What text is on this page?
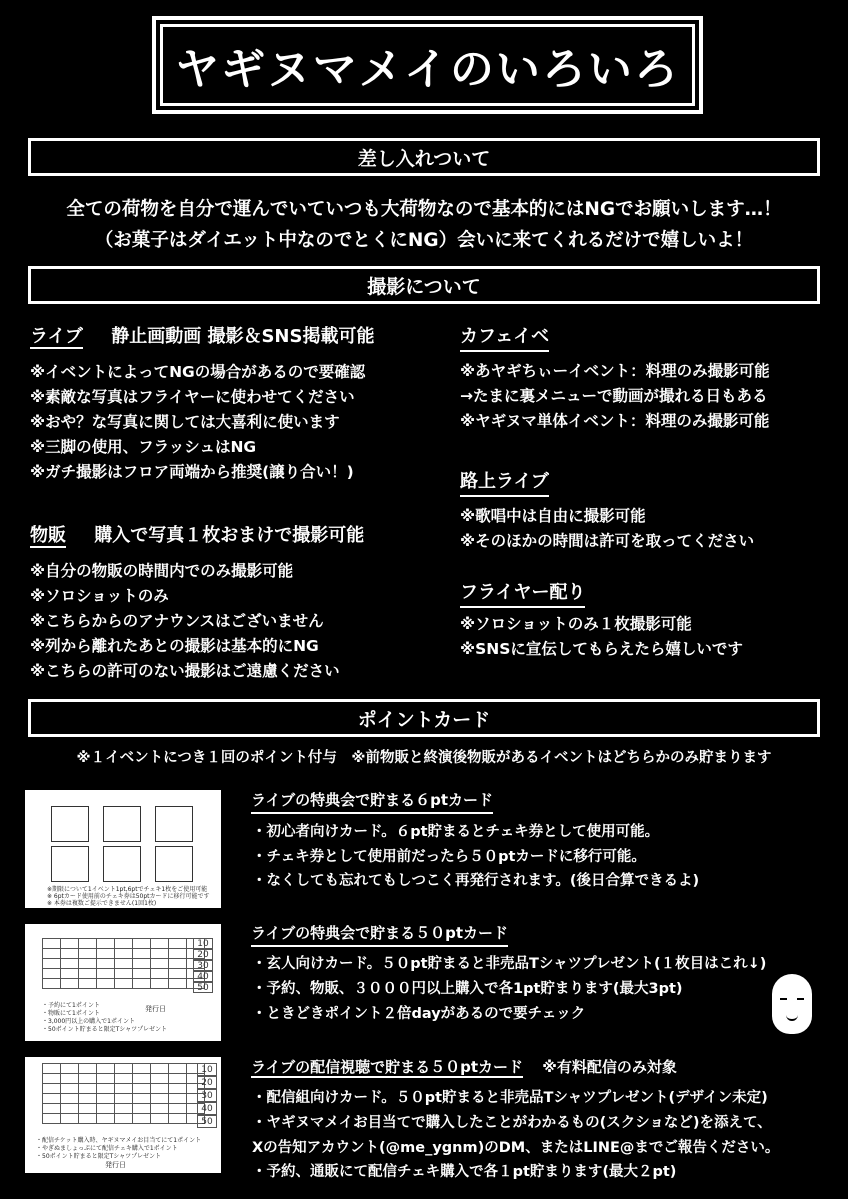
ヤギヌマメイのいろいろ
差し入れついて
全ての荷物を自分で運んでいていつも大荷物なので基本的にはNGでお願いします…！
（お菓子はダイエット中なのでとくにNG）会いに来てくれるだけで嬉しいよ！
撮影について
ライブ 静止画動画 撮影＆SNS掲載可能
※イベントによってNGの場合があるので要確認
※素敵な写真はフライヤーに使わせてください
※おや？な写真に関しては大喜利に使います
※三脚の使用、フラッシュはNG
※ガチ撮影はフロア両端から推奨(譲り合い！)
物販 購入で写真１枚おまけで撮影可能
※自分の物販の時間内でのみ撮影可能
※ソロショットのみ
※こちらからのアナウンスはございません
※列から離れたあとの撮影は基本的にNG
※こちらの許可のない撮影はご遠慮ください
カフェイベ
※あヤギちぃーイベント：料理のみ撮影可能
→たまに裏メニューで動画が撮れる日もある
※ヤギヌマ単体イベント：料理のみ撮影可能
路上ライブ
※歌唱中は自由に撮影可能
※そのほかの時間は許可を取ってください
フライヤー配り
※ソロショットのみ１枚撮影可能
※SNSに宣伝してもらえたら嬉しいです
ポイントカード
※１イベントにつき１回のポイント付与　※前物販と終演後物販があるイベントはどちらかのみ貯まります
※期限について1イベント1pt,6ptでチェキ1枚をご使用可能
※ 6ptカード使用前のチェキ券は50ptカードに移行可能です
※ 本券は複数ご提示できません(1回1枚)
ライブの特典会で貯まる６ptカード
・初心者向けカード。６pt貯まるとチェキ券として使用可能。
・チェキ券として使用前だったら５０ptカードに移行可能。
・なくしても忘れてもしつこく再発行されます。(後日合算できるよ)

10
20
30
40
50
・予約にて1ポイント
・物販にて1ポイント
・3,000円以上の購入で1ポイント
・50ポイント貯まると限定Tシャツプレゼント
発行日
ライブの特典会で貯まる５０ptカード
・玄人向けカード。５０pt貯まると非売品Tシャツプレゼント(１枚目はこれ↓)
・予約、物販、３０００円以上購入で各1pt貯まります(最大3pt)
・ときどきポイント２倍dayがあるので要チェック

10
20
30
40
50
・配信チケット購入時、ヤギヌマメイお目当てにて1ポイント
・やぎぬましょっぷにて配信チェキ購入で1ポイント
・50ポイント貯まると限定Tシャツプレゼント
発行日
ライブの配信視聴で貯まる５０ptカード ※有料配信のみ対象
・配信組向けカード。５０pt貯まると非売品Tシャツプレゼント(デザイン未定)
・ヤギヌマメイお目当てで購入したことがわかるもの(スクショなど)を添えて、
Xの告知アカウント(@me_ygnm)のDM、またはLINE@までご報告ください。
・予約、通販にて配信チェキ購入で各１pt貯まります(最大２pt)
